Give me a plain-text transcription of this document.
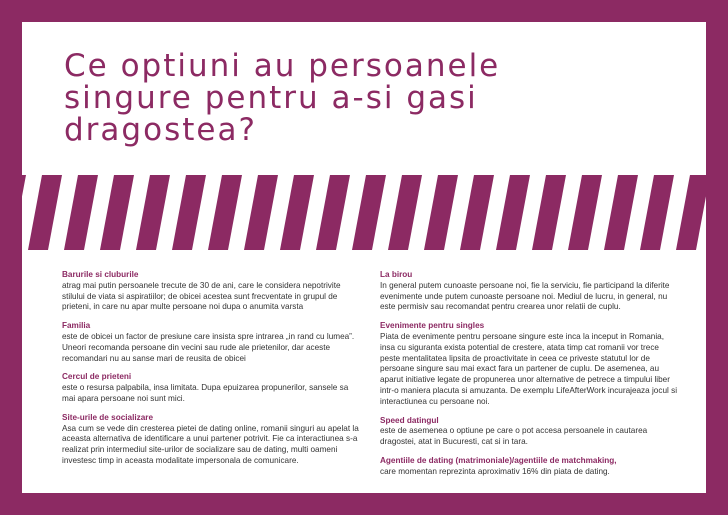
Ce optiuni au persoanele
singure pentru a-si gasi
dragostea?
Barurile si cluburile
atrag mai putin persoanele trecute de 30 de ani, care le considera nepotrivite stilului de viata si aspiratiilor; de obicei acestea sunt frecventate in grupul de prieteni, in care nu apar multe persoane noi dupa o anumita varsta
Familia
este de obicei un factor de presiune care insista spre intrarea „in rand cu lumea”. Uneori recomanda persoane din vecini sau rude ale prietenilor, dar aceste recomandari nu au sanse mari de reusita de obicei
Cercul de prieteni
este o resursa palpabila, insa limitata. Dupa epuizarea propunerilor, sansele sa mai apara persoane noi sunt mici.
Site-urile de socializare
Asa cum se vede din cresterea pietei de dating online, romanii singuri au apelat la aceasta alternativa de identificare a unui partener potrivit. Fie ca interactiunea s-a realizat prin intermediul site-urilor de socializare sau de dating, multi oameni investesc timp in aceasta modalitate impersonala de comunicare.
La birou
In general putem cunoaste persoane noi, fie la serviciu, fie participand la diferite evenimente unde putem cunoaste persoane noi. Mediul de lucru, in general, nu este permisiv sau recomandat pentru crearea unor relatii de cuplu.
Evenimente pentru singles
Piata de evenimente pentru persoane singure este inca la inceput in Romania, insa cu siguranta exista potential de crestere, atata timp cat romanii vor trece peste mentalitatea lipsita de proactivitate in ceea ce priveste statutul lor de persoane singure sau mai exact fara un partener de cuplu. De asemenea, au aparut initiative legate de propunerea unor alternative de petrece a timpului liber intr-o maniera placuta si amuzanta. De exemplu LifeAfterWork incurajeaza jocul si interactiunea cu persoane noi.
Speed datingul
este de asemenea o optiune pe care o pot accesa persoanele in cautarea dragostei, atat in Bucuresti, cat si in tara.
Agentiile de dating (matrimoniale)/agentiile de matchmaking,
care momentan reprezinta aproximativ 16% din piata de dating.
